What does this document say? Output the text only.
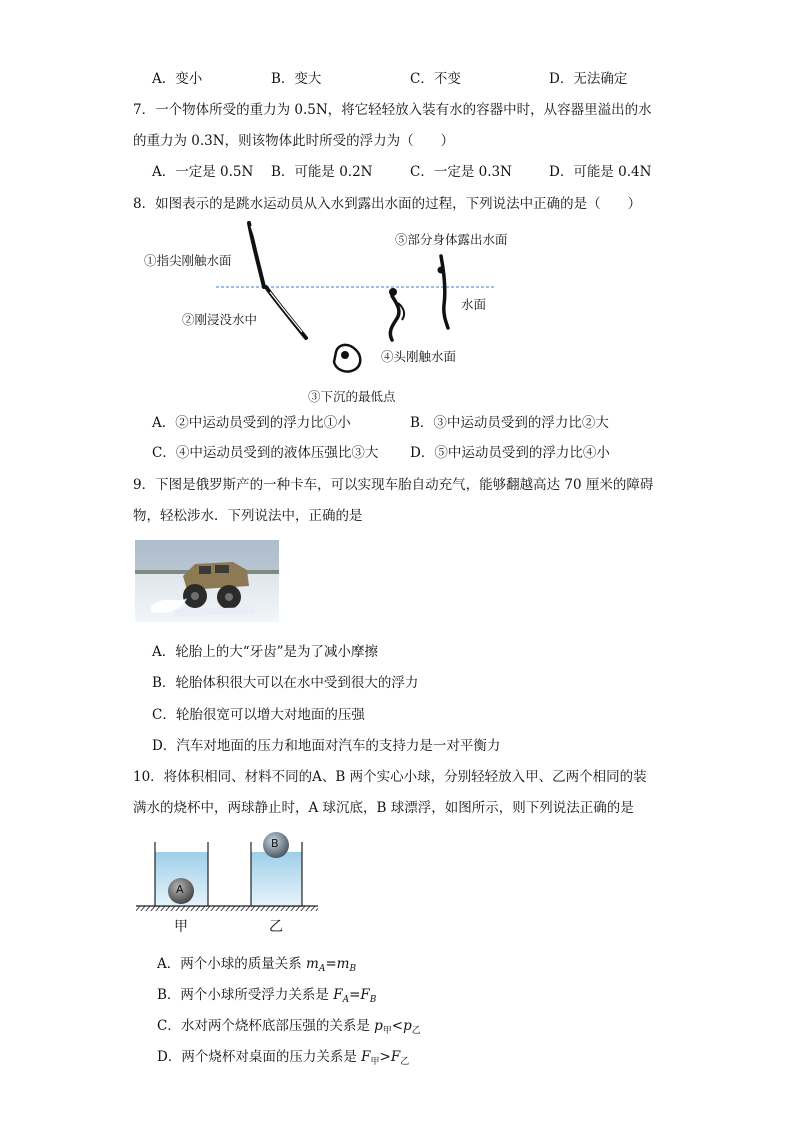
A．变小	B．变大	C．不变	D．无法确定
7．一个物体所受的重力为 0.5N，将它轻轻放入装有水的容器中时，从容器里溢出的水
的重力为 0.3N，则该物体此时所受的浮力为（　　）
A．一定是 0.5N B．可能是 0.2N	C．一定是 0.3N	D．可能是 0.4N
8．如图表示的是跳水运动员从入水到露出水面的过程，下列说法中正确的是（　　）
①指尖刚触水面
②刚浸没水中
③下沉的最低点
④头刚触水面
⑤部分身体露出水面
水面
A．②中运动员受到的浮力比①小	B．③中运动员受到的浮力比②大
C．④中运动员受到的液体压强比③大 D．⑤中运动员受到的浮力比④小
9．下图是俄罗斯产的一种卡车，可以实现车胎自动充气，能够翻越高达 70 厘米的障碍
物，轻松涉水．下列说法中，正确的是
A．轮胎上的大“牙齿”是为了减小摩擦
B．轮胎体积很大可以在水中受到很大的浮力
C．轮胎很宽可以增大对地面的压强
D．汽车对地面的压力和地面对汽车的支持力是一对平衡力
10．将体积相同、材料不同的A、B 两个实心小球，分别轻轻放入甲、乙两个相同的装
满水的烧杯中，两球静止时，A 球沉底，B 球漂浮，如图所示，则下列说法正确的是
A
B
甲	乙
A．两个小球的质量关系 $m_A=m_B$
B．两个小球所受浮力关系是 $F_A=F_B$
C．水对两个烧杯底部压强的关系是 $p_甲<p_乙$
D．两个烧杯对桌面的压力关系是 $F_甲>F_乙$
